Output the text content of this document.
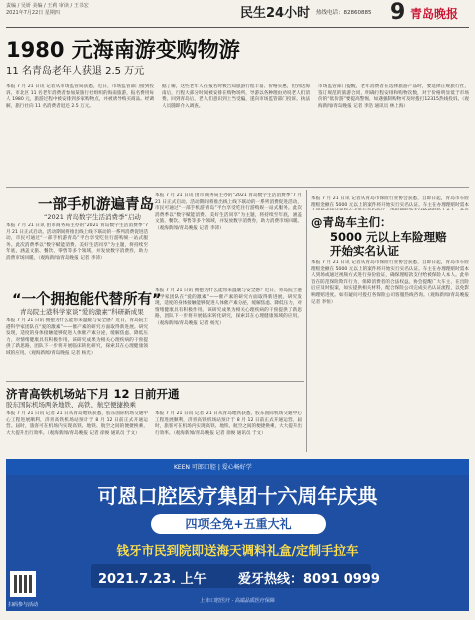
责编 / 吴妍 美编 / 王莉 审读 / 王书宏
2021年7月22日 星期四	民生24小时 热线电话：82860885 9 青岛晚报
1980 元海南游变购物游
11 名青岛老年人获退 2.5 万元
本报 7 月 21 日讯 记者从市场监管局获悉，近日，市场监管部门接到投诉，市北区 11 名老年消费者参加某旅行社组织的海南旅游，报名费用每人 1980 元，旅游过程中被安排到多家购物点，并被诱导购买商品。经调解，旅行社向 11 名消费者退还 2.5 万元。
据了解，这些老年人在报名时被告知旅游行程丰富、价格实惠，但到达海南后，行程大部分时间被安排在购物场所，导游以各种理由劝说老人们消费。回到青岛后，老人们意识到上当受骗，遂向市场监管部门投诉。执法人员随即介入调查。
市场监管部门提醒，老年消费者在选择旅游产品时，要选择正规旅行社，签订规范的旅游合同，明确行程安排和购物次数，对于价格明显低于市场价的“低价游”要提高警惕，如遇强制购物可及时拨打12315热线投诉。（观海新闻/青岛晚报 记者 李浩 通讯员 林上海）
一部手机游遍青岛
“2021 青岛数字生活消费季”启动
本报 7 月 21 日讯 由市商务局主办的“2021 青岛数字生活消费季”7 月 21 日正式启动。活动期间将推出线上线下联动的一系列消费促进活动，市民可通过“一部手机游青岛”平台享受吃住行游购娱一站式服务。此次消费季以“数字赋能消费、美好生活同享”为主题，将持续至年底，涵盖文旅、餐饮、零售等多个领域，并发放数字消费券，助力消费市场回暖。（观海新闻/青岛晚报 记者 李沛）
本报 7 月 21 日讯 由市商务局主办的“2021 青岛数字生活消费季”7 月 21 日正式启动。活动期间将推出线上线下联动的一系列消费促进活动，市民可通过“一部手机游青岛”平台享受吃住行游购娱一站式服务。此次消费季以“数字赋能消费、美好生活同享”为主题，将持续至年底，涵盖文旅、餐饮、零售等多个领域，并发放数字消费券，助力消费市场回暖。（观海新闻/青岛晚报 记者 李沛）
“一个拥抱能代替所有”
青岛院士港科学家谈“爱的激素”科研新成果
本报 7 月 21 日讯 拥抱为什么能带来温暖与安全感？近日，青岛院士港科学家团队在“爱的激素”——催产素的研究方面取得新进展。研究发现，适度的身体接触能够促进人体催产素分泌，缓解焦虑、降低压力，对情绪健康具有积极作用。该研究成果为相关心理疾病的干预提供了新思路，团队下一步将开展临床转化研究，探索其在心理健康领域的应用。（观海新闻/青岛晚报 记者 杨光）
本报 7 月 21 日讯 拥抱为什么能带来温暖与安全感？近日，青岛院士港科学家团队在“爱的激素”——催产素的研究方面取得新进展。研究发现，适度的身体接触能够促进人体催产素分泌，缓解焦虑、降低压力，对情绪健康具有积极作用。该研究成果为相关心理疾病的干预提供了新思路，团队下一步将开展临床转化研究，探索其在心理健康领域的应用。（观海新闻/青岛晚报 记者 杨光）
济青高铁机场站下月 12 日前开通
胶东国际机场两条地铁、高铁、航空便捷换乘
本报 7 月 21 日讯 记者 21 日从青岛地铁获悉，胶东国际机场交通中心工程进展顺利，济青高铁机场站预计于 8 月 12 日前正式开通运营。届时，旅客可在机场内实现高铁、地铁、航空之间的便捷换乘，大大提升出行效率。（观海新闻/青岛晚报 记者 徐俊 通讯员 于文）
本报 7 月 21 日讯 记者 21 日从青岛地铁获悉，胶东国际机场交通中心工程进展顺利，济青高铁机场站预计于 8 月 12 日前正式开通运营。届时，旅客可在机场内实现高铁、地铁、航空之间的便捷换乘，大大提升出行效率。（观海新闻/青岛晚报 记者 徐俊 通讯员 于文）
@青岛车主们：
5000 元以上车险理赔
开始实名认证
本报 7 月 21 日讯 记者从青岛市保险行业协会获悉，自即日起，青岛市车险理赔金额在 5000 元以上的案件将开始实行实名认证。车主在办理理赔时需本
本报 7 月 21 日讯 记者从青岛市保险行业协会获悉，自即日起，青岛市车险理赔金额在 5000 元以上的案件将开始实行实名认证。车主在办理理赔时需本人到场或通过视频方式进行身份验证，确保理赔款支付给被保险人本人。此举旨在防范保险欺诈行为，保障消费者的合法权益。协会提醒广大车主，在出险后应及时报案，如实提供相关材料，配合保险公司完成实名认证流程，以免影响理赔进度。如有疑问可拨打各保险公司客服热线咨询。（观海新闻/青岛晚报 记者 李恒）
KEEN 可郎口腔 | 爱心畅好学
可恩口腔医疗集团十六周年庆典
四项全免+五重大礼
钱牙市民到院即送海天调料礼盒/定制手拉车
2021.7.23. 上午 爱牙热线：8091 0999
扫码参与活动
上市口腔医疗 · 高端品质医疗保障
